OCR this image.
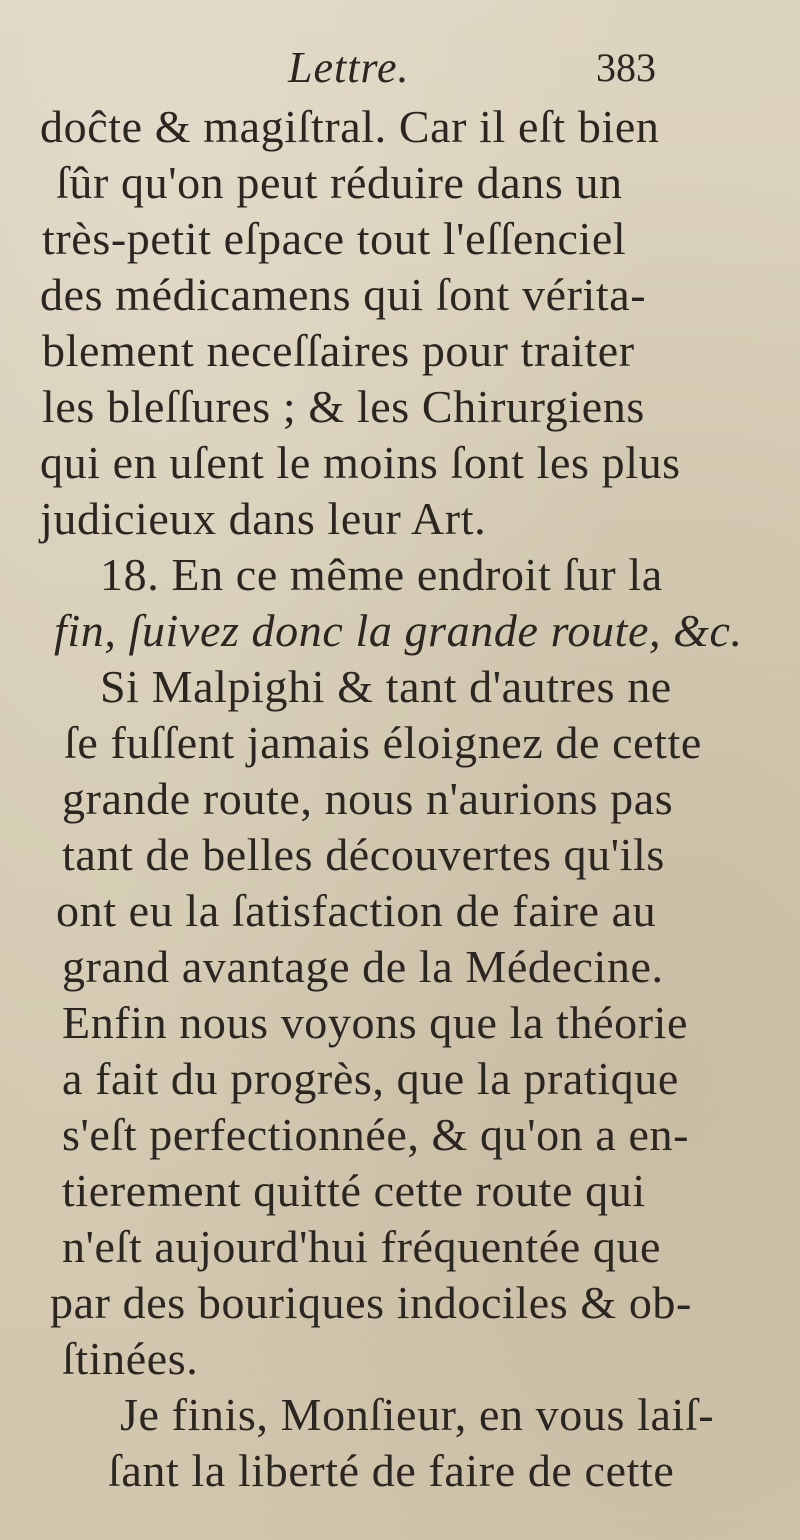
Lettre.	383
doĉte & magiſtral. Car il eſt bien
ſûr qu'on peut réduire dans un
très-petit eſpace tout l'eſſenciel
des médicamens qui ſont vérita-
blement neceſſaires pour traiter
les bleſſures ; & les Chirurgiens
qui en uſent le moins ſont les plus
judicieux dans leur Art.
18. En ce même endroit ſur la
fin, ſuivez donc la grande route, &c.
Si Malpighi & tant d'autres ne
ſe fuſſent jamais éloignez de cette
grande route, nous n'aurions pas
tant de belles découvertes qu'ils
ont eu la ſatisfaction de faire au
grand avantage de la Médecine.
Enfin nous voyons que la théorie
a fait du progrès, que la pratique
s'eſt perfectionnée, & qu'on a en-
tierement quitté cette route qui
n'eſt aujourd'hui fréquentée que
par des bouriques indociles & ob-
ſtinées.
Je finis, Monſieur, en vous laiſ-
ſant la liberté de faire de cette
